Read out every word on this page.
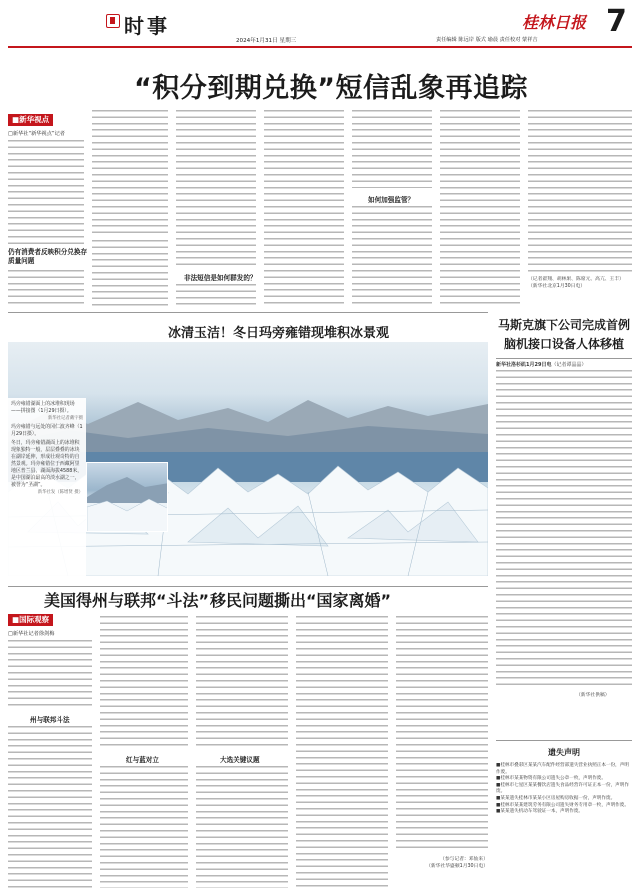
时事
2024年1月31日 星期三	责任编辑 陈远岸 版式 瑜晨 责任校对 蒙祥吉
桂林日报 7
“积分到期兑换”短信乱象再追踪
■新华视点
□新华社“新华视点”记者
仍有消费者反映积分兑换存质量问题
非法短信是如何群发的？
如何加强监管？
（记者翟翔、胡林果、陈席元、高亢、王丰）
（新华社北京1月30日电）
冰清玉洁！冬日玛旁雍错现堆积冰景观
玛旁雍错湖面上的冰堆积现场——拼接图（1月29日摄）。
新华社记者戴宇摄
玛旁雍错与远处的冈仁波齐峰（1月29日摄）。
冬日，玛旁雍错湖面上的冰堆积现象独特一般，层层叠叠的冰块在湖岸延伸，形成壮观奇特的自然景观。玛旁雍错位于西藏阿里地区普兰县，湖面海拔4588米，是中国湖泊最高的淡水湖之一，被誉为“圣湖”。
新华社发（陈增贤 摄）
马斯克旗下公司完成首例脑机接口设备人体移植
新华社洛杉矶1月29日电（记者谭晶晶）
（新华社供稿）
美国得州与联邦“斗法” 移民问题撕出“国家离婚”
■国际观察
□新华社记者徐剑梅
州与联邦斗法
红与蓝对立	大选关键议题
（参与记者：邓仙来）
（新华社华盛顿1月30日电）
遗失声明
■桂林市叠彩区某某汽车配件经营部遗失营业执照正本一份，声明作废。
■桂林市某某物资有限公司遗失公章一枚，声明作废。
■桂林市七星区某某餐饮店遗失食品经营许可证正本一份，声明作废。
■某某遗失桂林市某某小区房屋购房收据一份，声明作废。
■桂林市某某建筑劳务有限公司遗失财务专用章一枚，声明作废。
■某某遗失机动车驾驶证一本，声明作废。
